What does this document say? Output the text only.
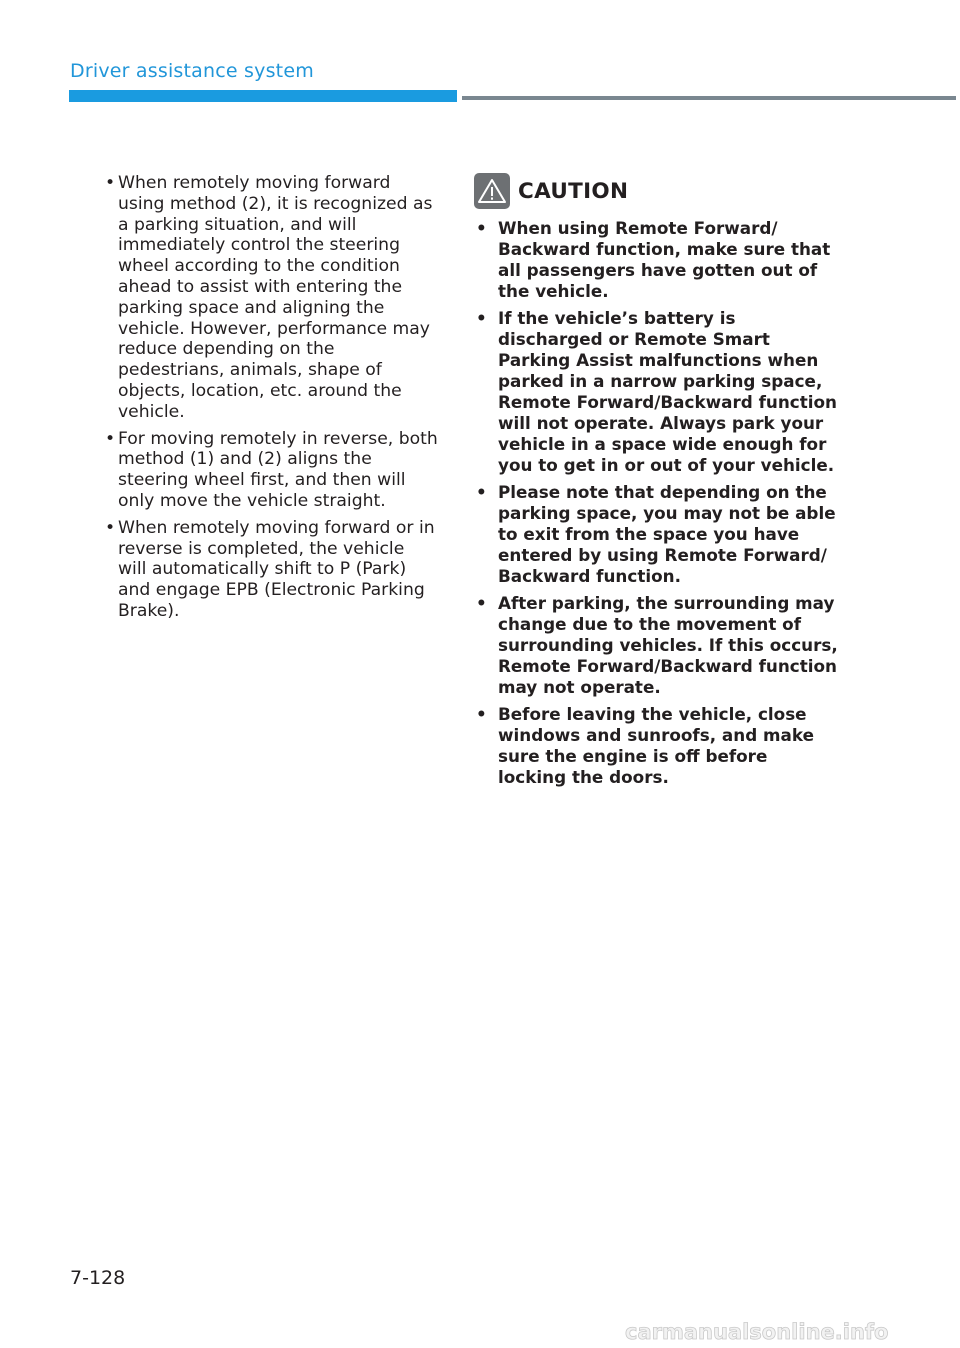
Driver assistance system
• When remotely moving forward using method (2), it is recognized as a parking situation, and will immediately control the steering wheel according to the condition ahead to assist with entering the parking space and aligning the vehicle. However, performance may reduce depending on the pedestrians, animals, shape of objects, location, etc. around the vehicle.
• For moving remotely in reverse, both method (1) and (2) aligns the steering wheel first, and then will only move the vehicle straight.
• When remotely moving forward or in reverse is completed, the vehicle will automatically shift to P (Park) and engage EPB (Electronic Parking Brake).
CAUTION
• When using Remote Forward/ Backward function, make sure that all passengers have gotten out of the vehicle.
• If the vehicle’s battery is discharged or Remote Smart Parking Assist malfunctions when parked in a narrow parking space, Remote Forward/Backward function will not operate. Always park your vehicle in a space wide enough for you to get in or out of your vehicle.
• Please note that depending on the parking space, you may not be able to exit from the space you have entered by using Remote Forward/ Backward function.
• After parking, the surrounding may change due to the movement of surrounding vehicles. If this occurs, Remote Forward/Backward function may not operate.
• Before leaving the vehicle, close windows and sunroofs, and make sure the engine is off before locking the doors.
7-128
carmanualsonline.info
